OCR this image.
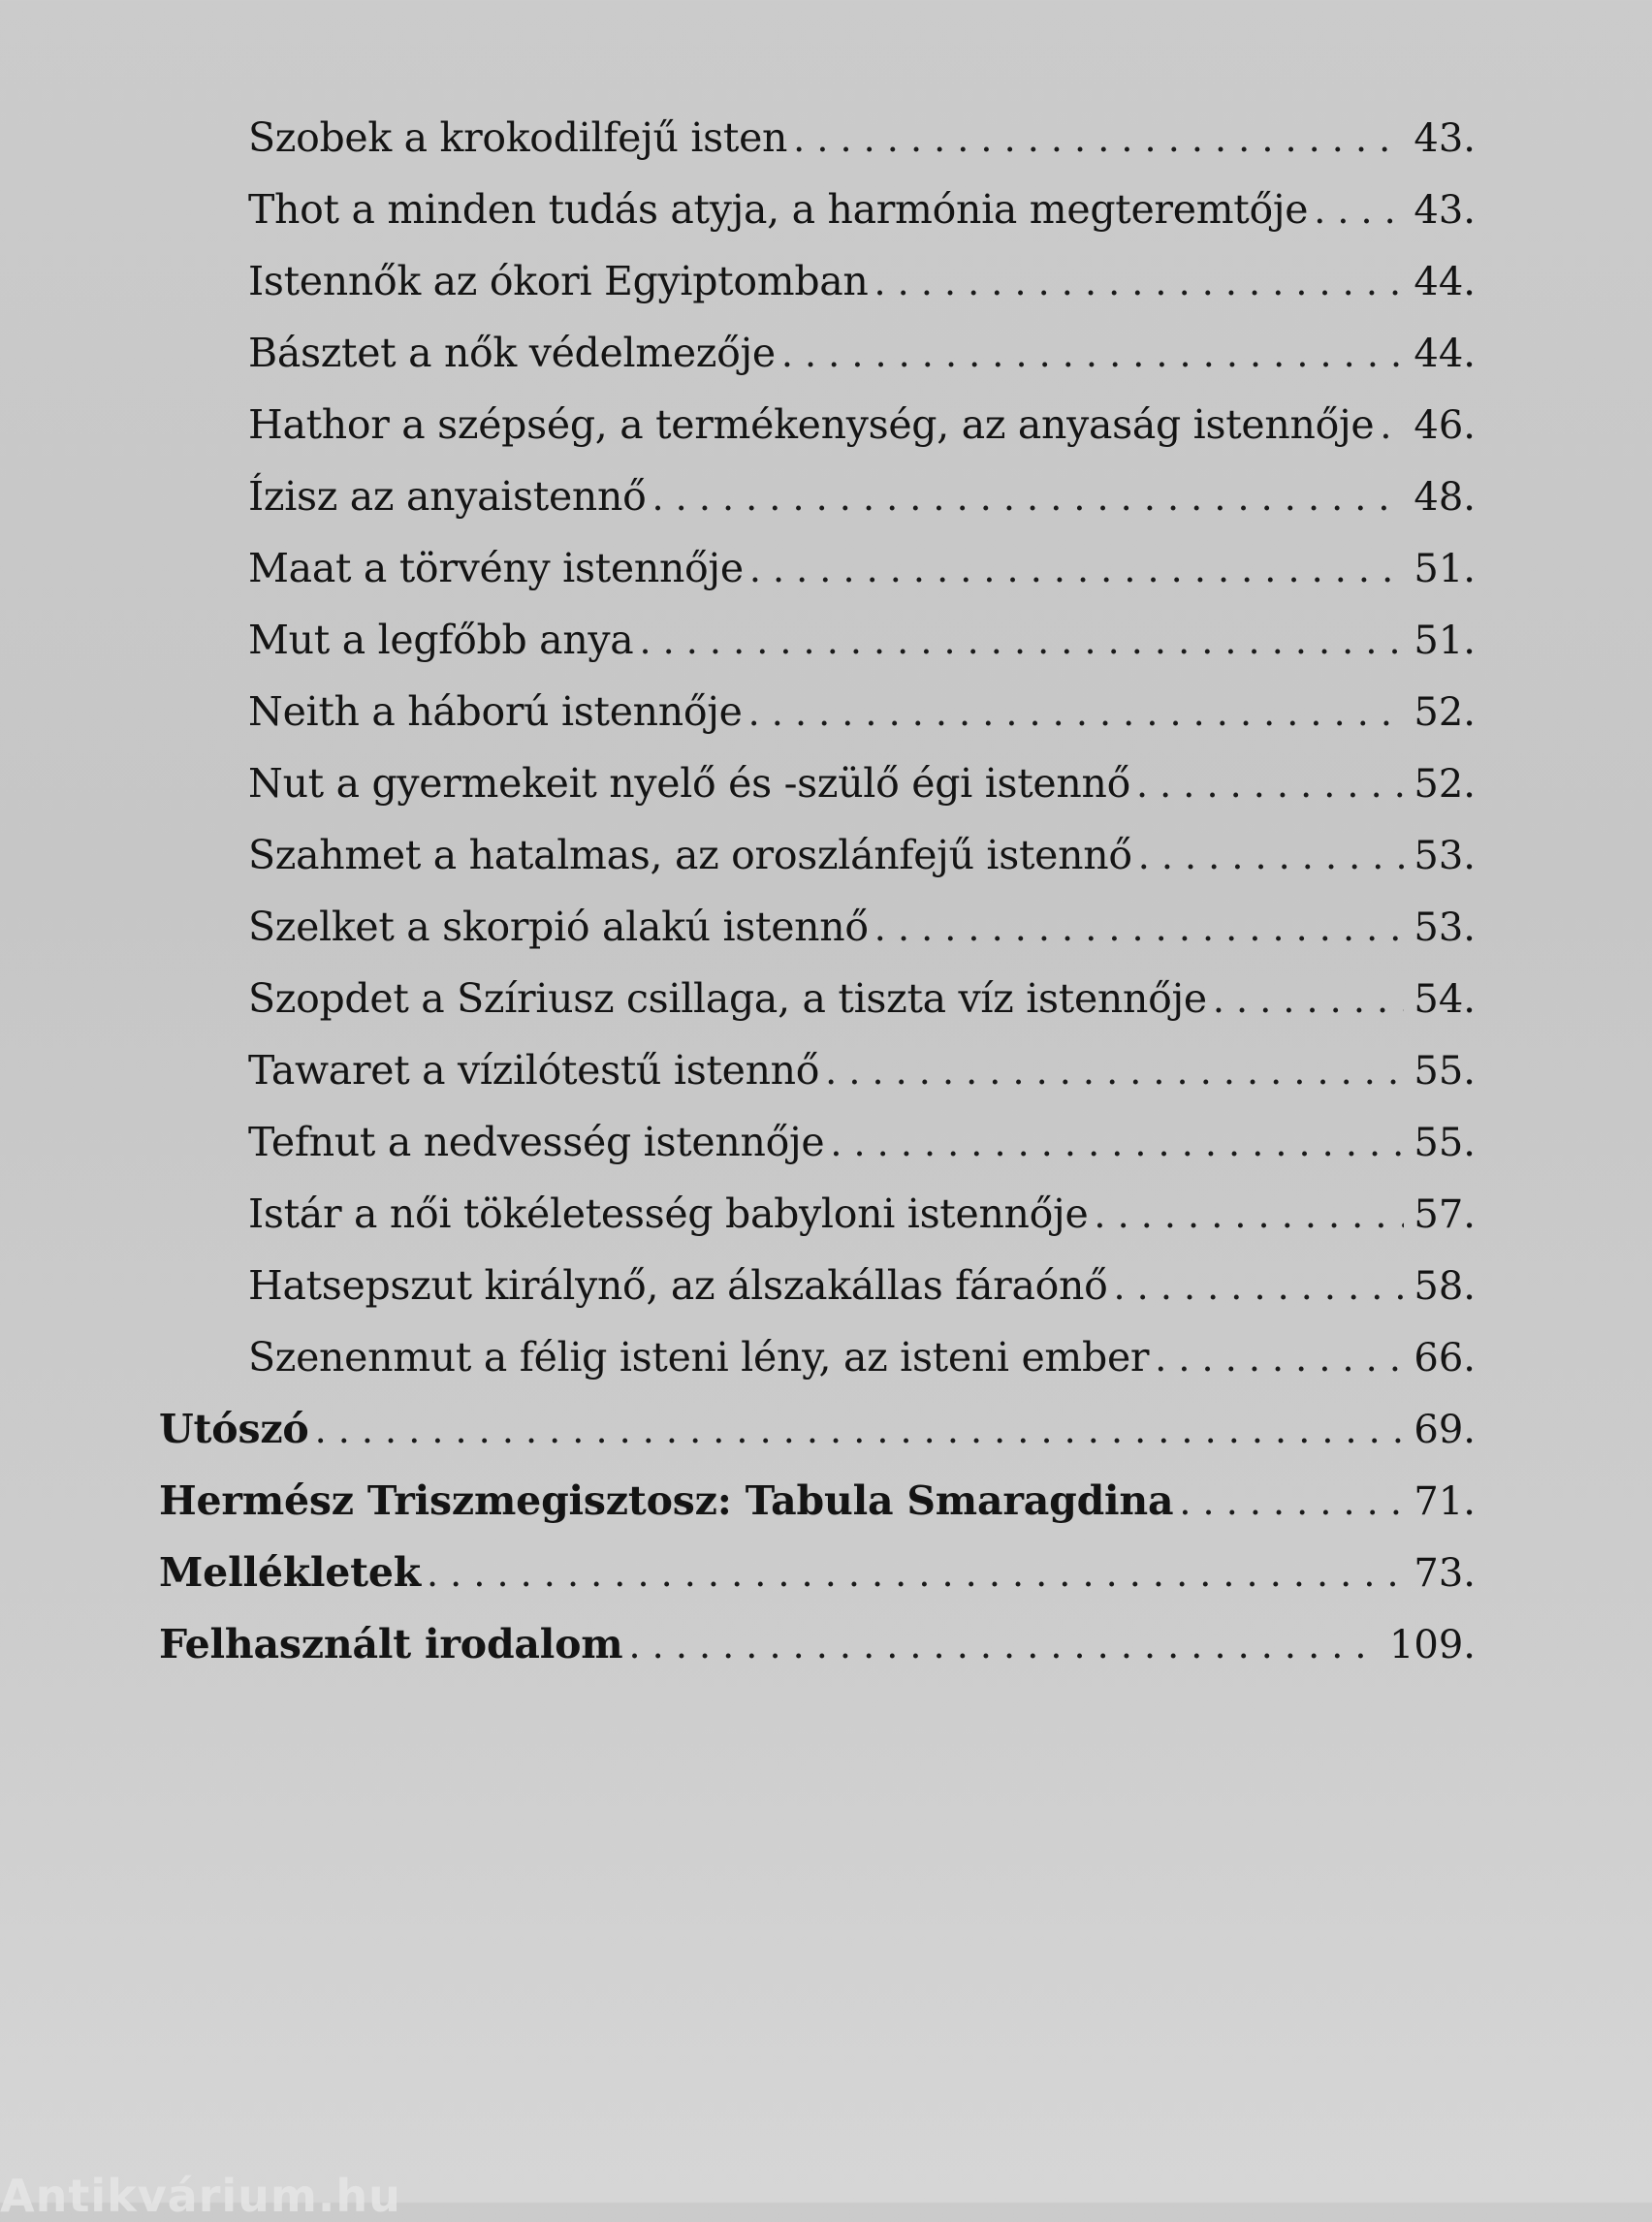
Szobek a krokodilfejű isten . . .	43.
Thot a minden tudás atyja, a harmónia megteremtője . . .	43.
Istennők az ókori Egyiptomban . . .	44.
Básztet a nők védelmezője . . .	44.
Hathor a szépség, a termékenység, az anyaság istennője . . . 46.
Ízisz az anyaistennő . . .	48.
Maat a törvény istennője . . .	51.
Mut a legfőbb anya . . .	51.
Neith a háború istennője . . .	52.
Nut a gyermekeit nyelő és -szülő égi istennő . . .	52.
Szahmet a hatalmas, az oroszlánfejű istennő . . .	53.
Szelket a skorpió alakú istennő . . .	53.
Szopdet a Szíriusz csillaga, a tiszta víz istennője . . .	54.
Tawaret a vízilótestű istennő . . .	55.
Tefnut a nedvesség istennője . . .	55.
Istár a női tökéletesség babyloni istennője . . .	57.
Hatsepszut királynő, az álszakállas fáraónő . . .	58.
Szenenmut a félig isteni lény, az isteni ember . . .	66.
Utószó . . .	69.
Hermész Triszmegisztosz: Tabula Smaragdina . . .	71.
Mellékletek . . .	73.
Felhasznált irodalom . . .	109.
Antikvárium.hu
